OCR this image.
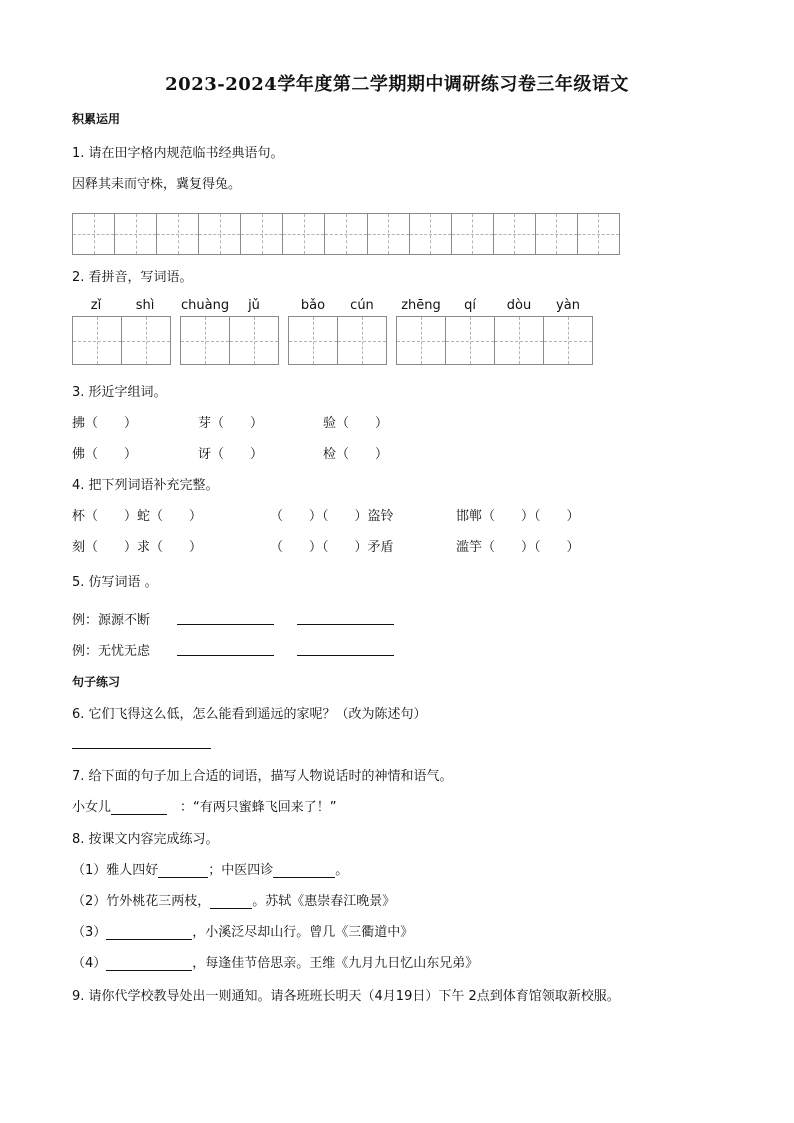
2023-2024学年度第二学期期中调研练习卷三年级语文
积累运用
1. 请在田字格内规范临书经典语句。
因释其耒而守株，冀复得兔。
2. 看拼音，写词语。
zǐ	shì	chuàng	jǔ	bǎo	cún	zhēng	qí	dòu	yàn
3. 形近字组词。
拂（　　）	芽（　　）	验（　　）
佛（　　）	讶（　　）	检（　　）
4. 把下列词语补充完整。
杯（　　）蛇（　　）	（　　）（　　）盗铃	邯郸（　　）（　　）
刻（　　）求（　　）	（　　）（　　）矛盾	滥竽（　　）（　　）
5. 仿写词语 。
例：源源不断
例：无忧无虑
句子练习
6. 它们飞得这么低，怎么能看到遥远的家呢？（改为陈述句）
7. 给下面的句子加上合适的词语，描写人物说话时的神情和语气。
小女儿　	：“有两只蜜蜂飞回来了！”
8. 按课文内容完成练习。
（1）雅人四好	；中医四诊	。
（2）竹外桃花三两枝，	。苏轼《惠崇春江晚景》
（3）	，小溪泛尽却山行。曾几《三衢道中》
（4）	，每逢佳节倍思亲。王维《九月九日忆山东兄弟》
9. 请你代学校教导处出一则通知。请各班班长明天（4月19日）下午 2点到体育馆领取新校服。
